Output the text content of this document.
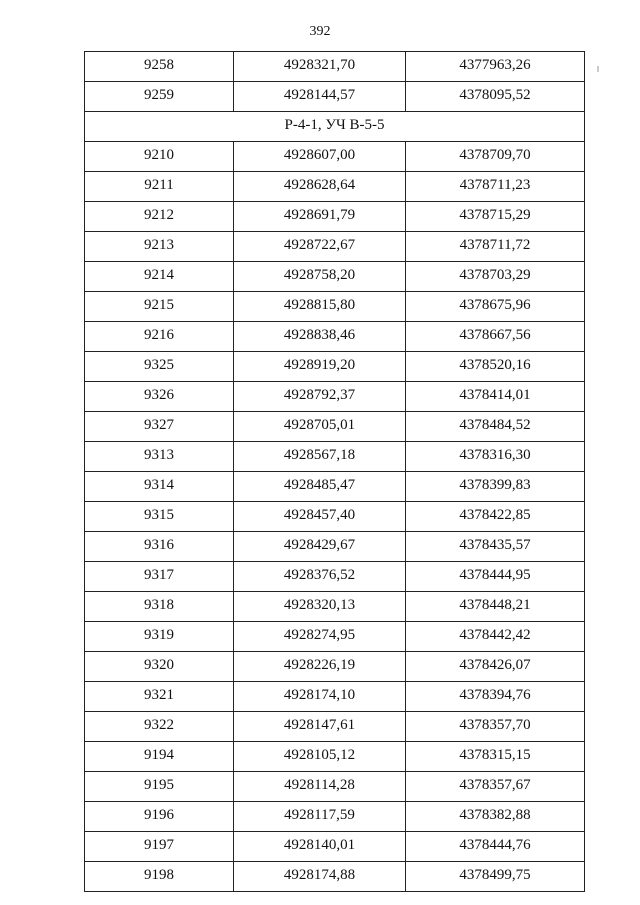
392
9258	4928321,70	4377963,26
9259	4928144,57	4378095,52
Р-4-1, УЧ В-5-5		
9210	4928607,00	4378709,70
9211	4928628,64	4378711,23
9212	4928691,79	4378715,29
9213	4928722,67	4378711,72
9214	4928758,20	4378703,29
9215	4928815,80	4378675,96
9216	4928838,46	4378667,56
9325	4928919,20	4378520,16
9326	4928792,37	4378414,01
9327	4928705,01	4378484,52
9313	4928567,18	4378316,30
9314	4928485,47	4378399,83
9315	4928457,40	4378422,85
9316	4928429,67	4378435,57
9317	4928376,52	4378444,95
9318	4928320,13	4378448,21
9319	4928274,95	4378442,42
9320	4928226,19	4378426,07
9321	4928174,10	4378394,76
9322	4928147,61	4378357,70
9194	4928105,12	4378315,15
9195	4928114,28	4378357,67
9196	4928117,59	4378382,88
9197	4928140,01	4378444,76
9198	4928174,88	4378499,75
